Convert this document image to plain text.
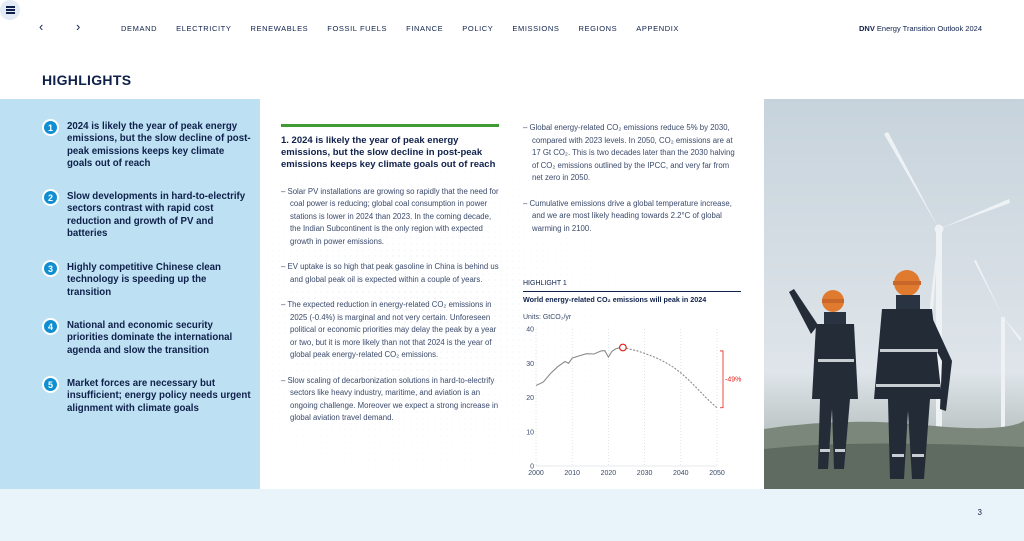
‹	›	DEMAND	ELECTRICITY	RENEWABLES	FOSSIL FUELS	FINANCE	POLICY	EMISSIONS	REGIONS	APPENDIX	DNV Energy Transition Outlook 2024
HIGHLIGHTS
1	2024 is likely the year of peak energy emissions, but the slow decline of post-peak emissions keeps key climate goals out of reach
2	Slow developments in hard-to-electrify sectors contrast with rapid cost reduction and growth of PV and batteries
3	Highly competitive Chinese clean technology is speeding up the transition
4	National and economic security priorities dominate the international agenda and slow the transition
5	Market forces are necessary but insufficient; energy policy needs urgent alignment with climate goals
1. 2024 is likely the year of peak energy emissions, but the slow decline in post-peak emissions keeps key climate goals out of reach

– Solar PV installations are growing so rapidly that the need for coal power is reducing; global coal consumption in power stations is lower in 2024 than 2023. In the coming decade, the Indian Subcontinent is the only region with expected growth in power emissions.

– EV uptake is so high that peak gasoline in China is behind us and global peak oil is expected within a couple of years.

– The expected reduction in energy-related CO₂ emissions in 2025 (-0.4%) is marginal and not very certain. Unforeseen political or economic priorities may delay the peak by a year or two, but it is more likely than not that 2024 is the year of global peak energy-related CO₂ emissions.

– Slow scaling of decarbonization solutions in hard-to-electrify sectors like heavy industry, maritime, and aviation is an ongoing challenge. Moreover we expect a strong increase in global aviation travel demand.

– Global energy-related CO₂ emissions reduce 5% by 2030, compared with 2023 levels. In 2050, CO₂ emissions are at 17 Gt CO₂. This is two decades later than the 2030 halving of CO₂ emissions outlined by the IPCC, and very far from net zero in 2050.

– Cumulative emissions drive a global temperature increase, and we are most likely heading towards 2.2°C of global warming in 2100.

HIGHLIGHT 1
World energy-related CO₂ emissions will peak in 2024
Units: GtCO₂/yr
2000	2010	2020	2030	2040	2050
0
10
20
30
40
-49%
3
